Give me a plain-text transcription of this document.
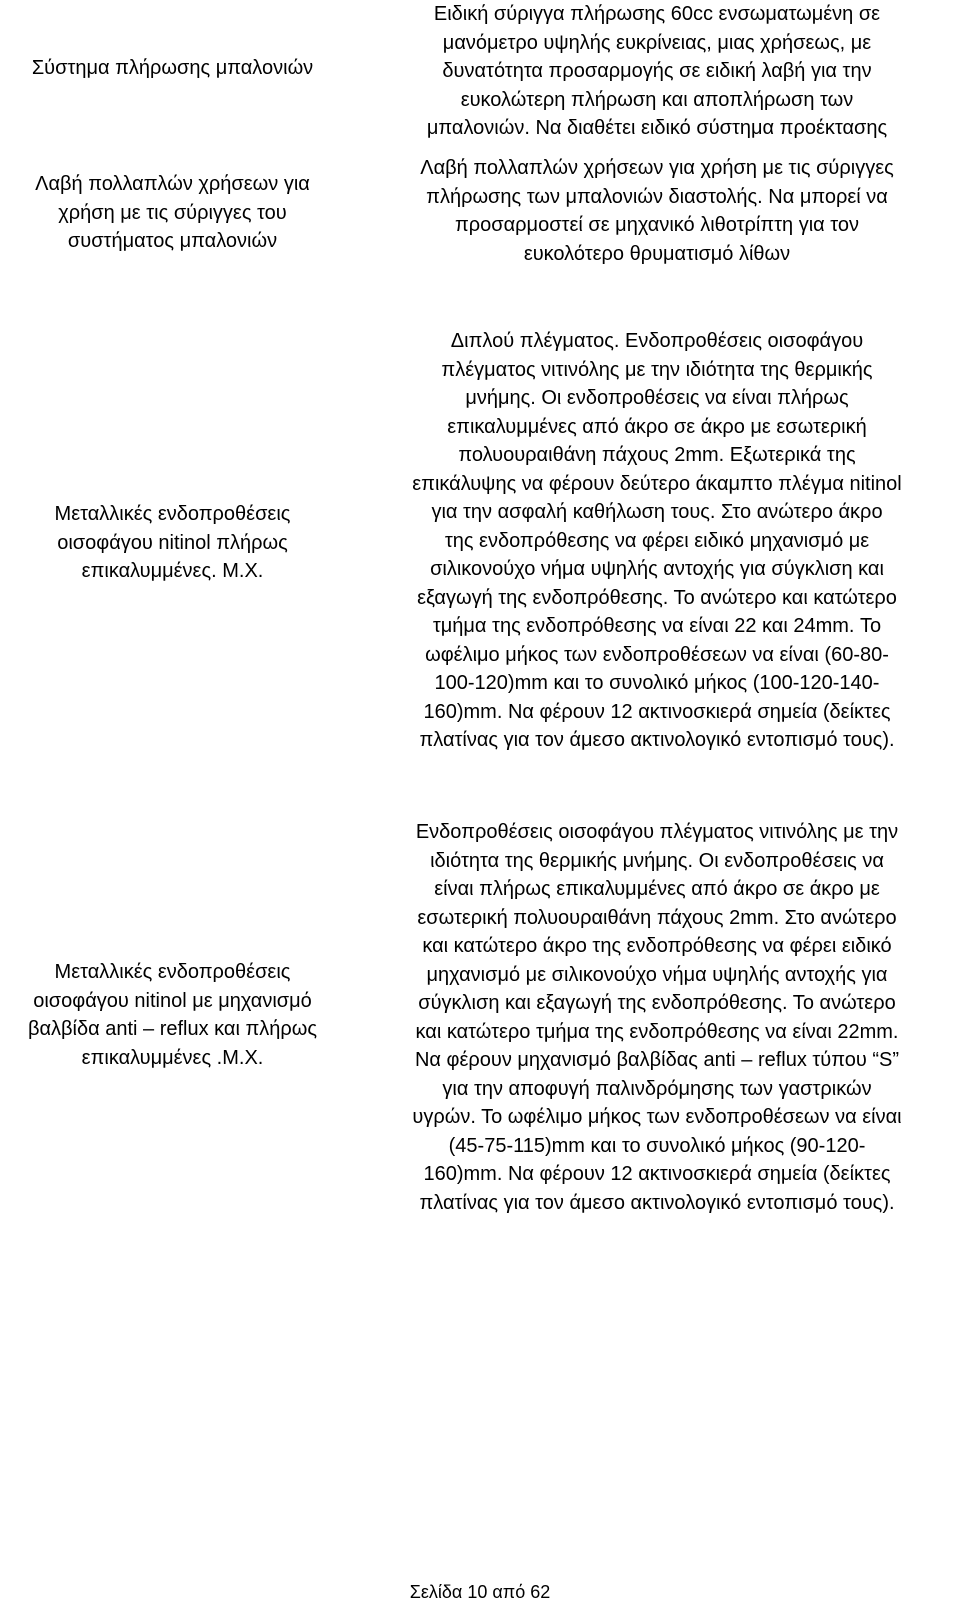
Σύστημα πλήρωσης μπαλονιών

Ειδική σύριγγα πλήρωσης 60cc ενσωματωμένη σε
μανόμετρο υψηλής ευκρίνειας, μιας χρήσεως, με
δυνατότητα προσαρμογής σε ειδική λαβή για την
ευκολώτερη πλήρωση και αποπλήρωση των
μπαλονιών. Να διαθέτει ειδικό σύστημα προέκτασης

Λαβή πολλαπλών χρήσεων για
χρήση με τις σύριγγες του
συστήματος μπαλονιών

Λαβή πολλαπλών χρήσεων για χρήση με τις σύριγγες
πλήρωσης των μπαλονιών διαστολής. Να μπορεί να
προσαρμοστεί σε μηχανικό λιθοτρίπτη για τον
ευκολότερο θρυματισμό λίθων

Μεταλλικές ενδοπροθέσεις
οισοφάγου nitinol πλήρως
επικαλυμμένες. Μ.Χ.

Διπλού πλέγματος. Ενδοπροθέσεις οισοφάγου
πλέγματος νιτινόλης με την ιδιότητα της θερμικής
μνήμης. Οι ενδοπροθέσεις να είναι πλήρως
επικαλυμμένες από άκρο σε άκρο με εσωτερική
πολυουραιθάνη πάχους 2mm. Εξωτερικά της
επικάλυψης να φέρουν δεύτερο άκαμπτο πλέγμα nitinol
για την ασφαλή καθήλωση τους. Στο ανώτερο άκρο
της ενδοπρόθεσης να φέρει ειδικό μηχανισμό με
σιλικονούχο νήμα υψηλής αντοχής για σύγκλιση και
εξαγωγή της ενδοπρόθεσης. Το ανώτερο και κατώτερο
τμήμα της ενδοπρόθεσης να είναι 22 και 24mm. Το
ωφέλιμο μήκος των ενδοπροθέσεων να είναι (60-80-
100-120)mm και το συνολικό μήκος (100-120-140-
160)mm. Να φέρουν 12 ακτινοσκιερά σημεία (δείκτες
πλατίνας για τον άμεσο ακτινολογικό εντοπισμό τους).

Μεταλλικές ενδοπροθέσεις
οισοφάγου nitinol με μηχανισμό
βαλβίδα anti – reflux και πλήρως
επικαλυμμένες .Μ.Χ.

Ενδοπροθέσεις οισοφάγου πλέγματος νιτινόλης με την
ιδιότητα της θερμικής μνήμης. Οι ενδοπροθέσεις να
είναι πλήρως επικαλυμμένες από άκρο σε άκρο με
εσωτερική πολυουραιθάνη πάχους 2mm. Στο ανώτερο
και κατώτερο άκρο της ενδοπρόθεσης να φέρει ειδικό
μηχανισμό με σιλικονούχο νήμα υψηλής αντοχής για
σύγκλιση και εξαγωγή της ενδοπρόθεσης. Το ανώτερο
και κατώτερο τμήμα της ενδοπρόθεσης να είναι 22mm.
Να φέρουν μηχανισμό βαλβίδας anti – reflux τύπου “S”
για την αποφυγή παλινδρόμησης των γαστρικών
υγρών. Το ωφέλιμο μήκος των ενδοπροθέσεων να είναι
(45-75-115)mm και το συνολικό μήκος (90-120-
160)mm. Να φέρουν 12 ακτινοσκιερά σημεία (δείκτες
πλατίνας για τον άμεσο ακτινολογικό εντοπισμό τους).

Σελίδα 10 από 62
